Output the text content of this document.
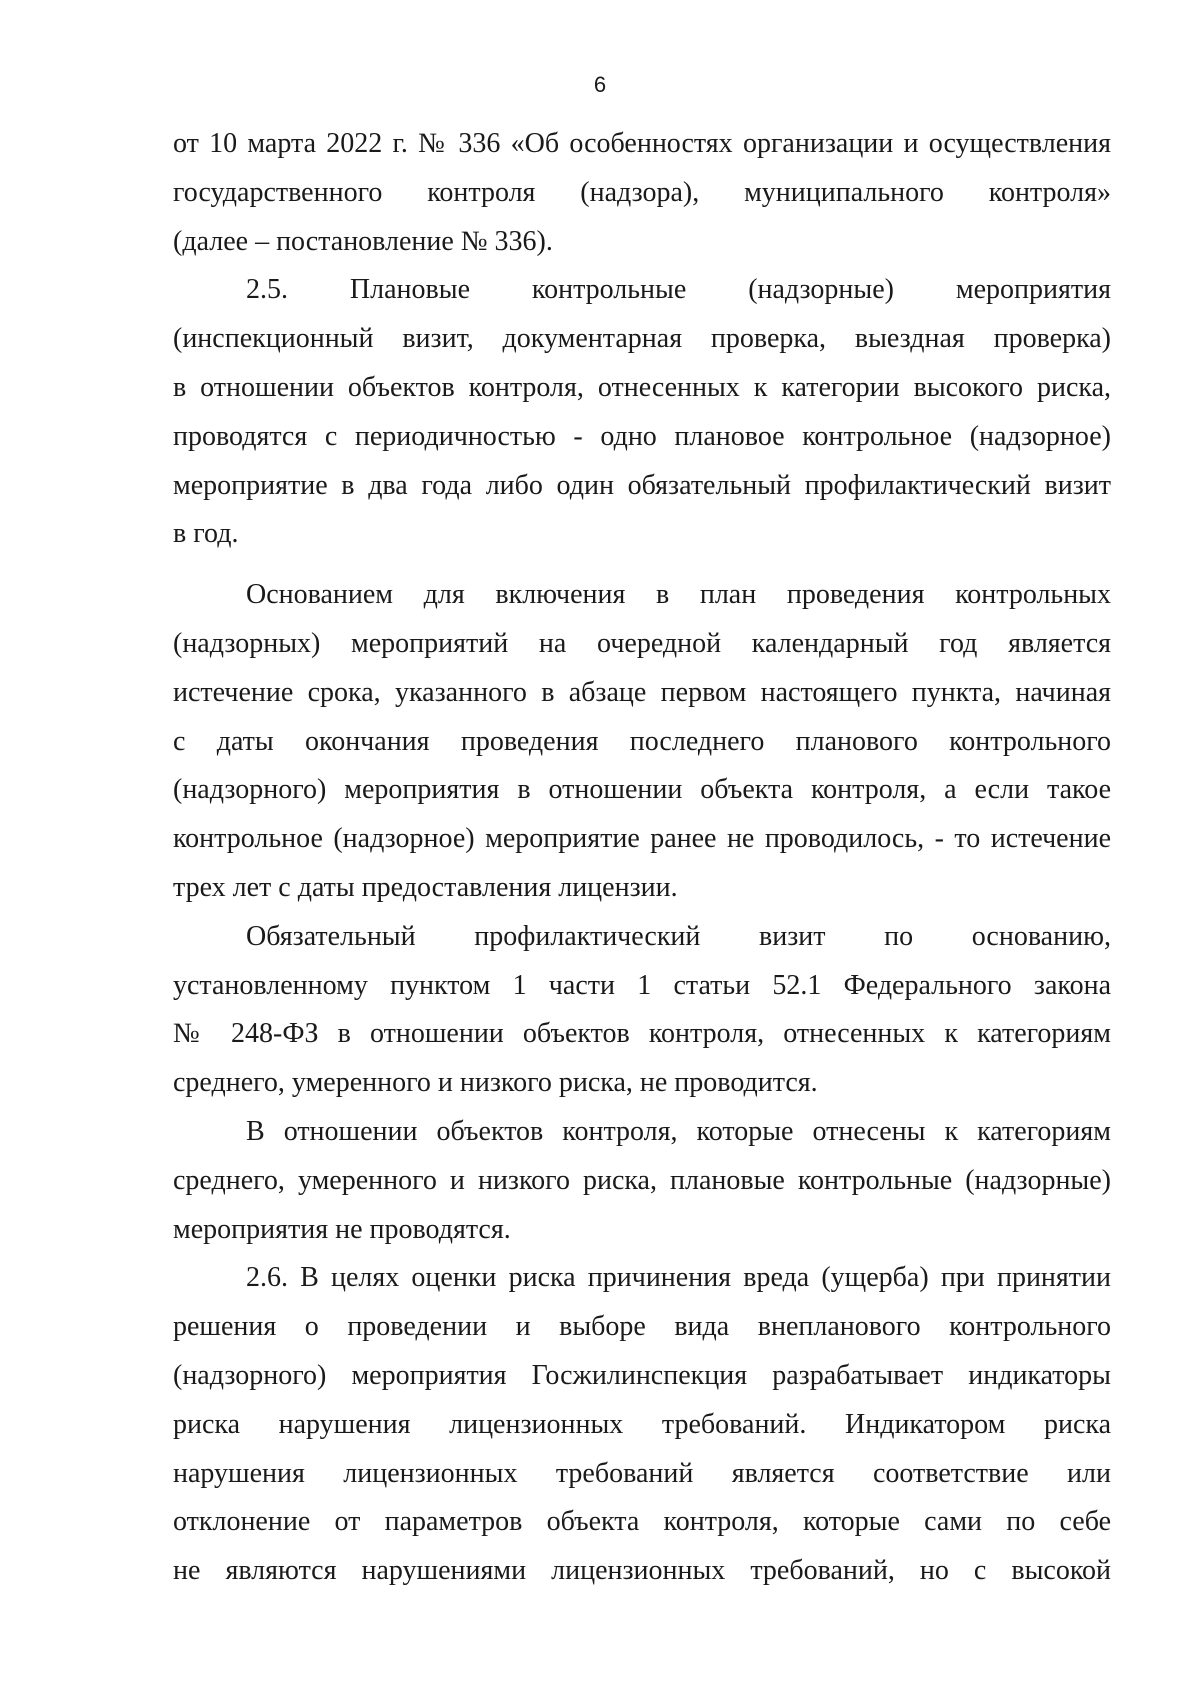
6
от 10 марта 2022 г. № 336 «Об особенностях организации и осуществления
государственного контроля (надзора), муниципального контроля»
(далее – постановление № 336).
2.5. Плановые контрольные (надзорные) мероприятия
(инспекционный визит, документарная проверка, выездная проверка)
в отношении объектов контроля, отнесенных к категории высокого риска,
проводятся с периодичностью - одно плановое контрольное (надзорное)
мероприятие в два года либо один обязательный профилактический визит
в год.
Основанием для включения в план проведения контрольных
(надзорных) мероприятий на очередной календарный год является
истечение срока, указанного в абзаце первом настоящего пункта, начиная
с даты окончания проведения последнего планового контрольного
(надзорного) мероприятия в отношении объекта контроля, а если такое
контрольное (надзорное) мероприятие ранее не проводилось, - то истечение
трех лет с даты предоставления лицензии.
Обязательный профилактический визит по основанию,
установленному пунктом 1 части 1 статьи 52.1 Федерального закона
№ 248-ФЗ в отношении объектов контроля, отнесенных к категориям
среднего, умеренного и низкого риска, не проводится.
В отношении объектов контроля, которые отнесены к категориям
среднего, умеренного и низкого риска, плановые контрольные (надзорные)
мероприятия не проводятся.
2.6. В целях оценки риска причинения вреда (ущерба) при принятии
решения о проведении и выборе вида внепланового контрольного
(надзорного) мероприятия Госжилинспекция разрабатывает индикаторы
риска нарушения лицензионных требований. Индикатором риска
нарушения лицензионных требований является соответствие или
отклонение от параметров объекта контроля, которые сами по себе
не являются нарушениями лицензионных требований, но с высокой
